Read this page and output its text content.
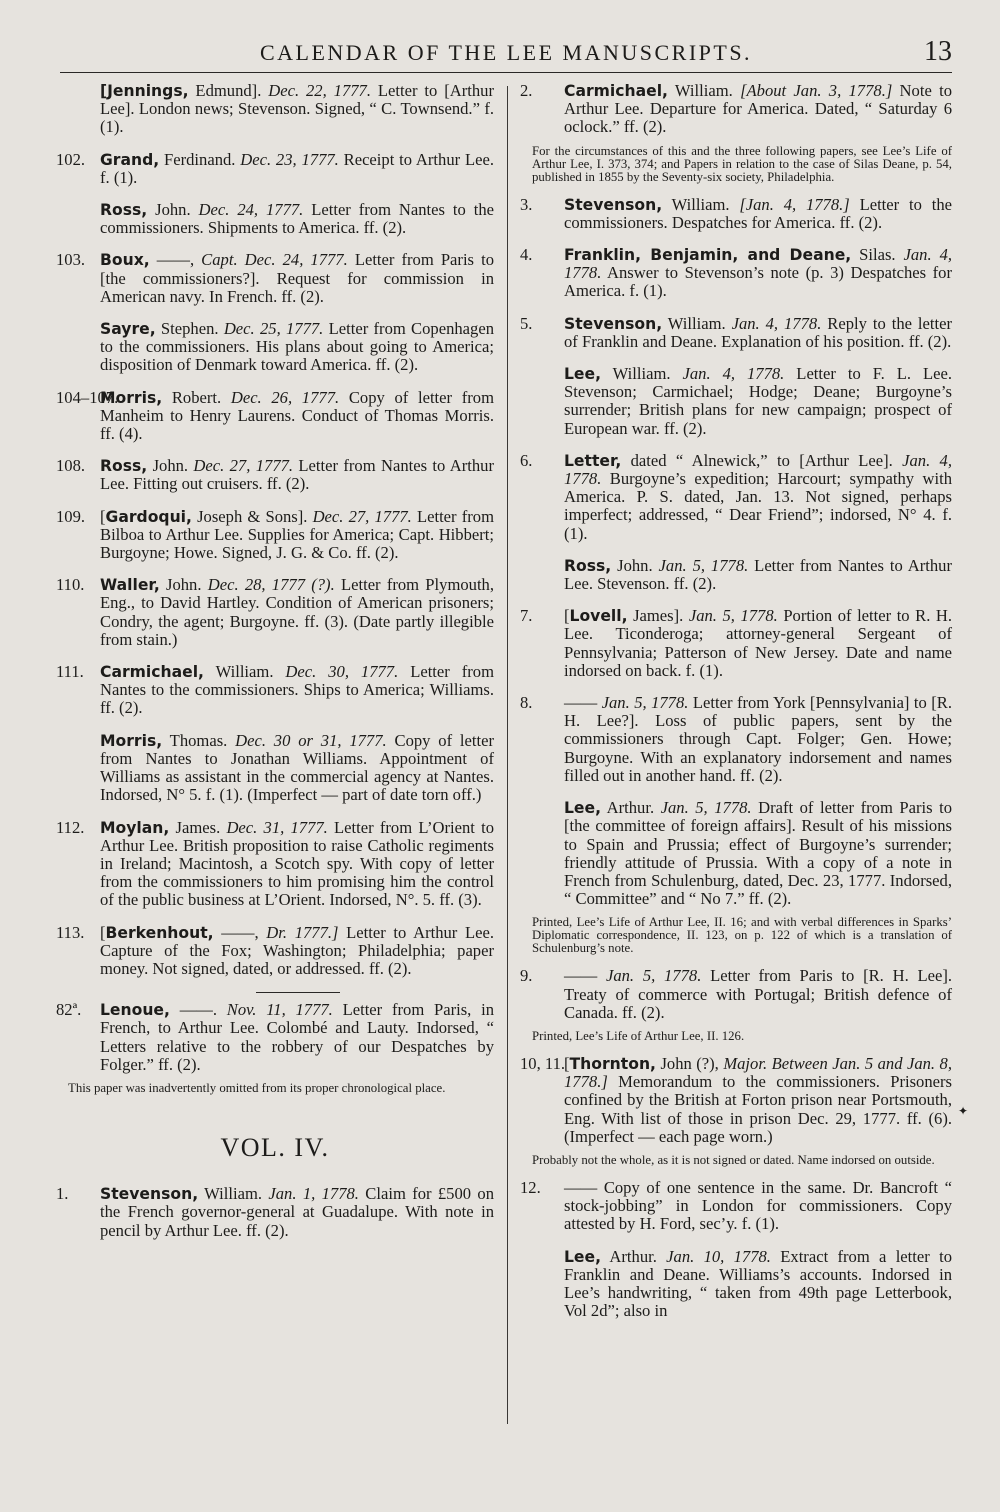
CALENDAR OF THE LEE MANUSCRIPTS.	13
[Jennings, Edmund]. Dec. 22, 1777. Letter to [Arthur Lee]. London news; Stevenson. Signed, “ C. Townsend.” f. (1).
102. Grand, Ferdinand. Dec. 23, 1777. Receipt to Arthur Lee. f. (1).
Ross, John. Dec. 24, 1777. Letter from Nantes to the commissioners. Shipments to America. ff. (2).
103. Boux, ——, Capt. Dec. 24, 1777. Letter from Paris to [the commissioners?]. Request for commission in American navy. In French. ff. (2).
Sayre, Stephen. Dec. 25, 1777. Letter from Copenhagen to the commissioners. His plans about going to America; disposition of Denmark toward America. ff. (2).
104–107.
Morris, Robert. Dec. 26, 1777. Copy of letter from Manheim to Henry Laurens. Conduct of Thomas Morris. ff. (4).
108. Ross, John. Dec. 27, 1777. Letter from Nantes to Arthur Lee. Fitting out cruisers. ff. (2).
109. [Gardoqui, Joseph & Sons]. Dec. 27, 1777. Letter from Bilboa to Arthur Lee. Supplies for America; Capt. Hibbert; Burgoyne; Howe. Signed, J. G. & Co. ff. (2).
110. Waller, John. Dec. 28, 1777 (?). Letter from Plymouth, Eng., to David Hartley. Condition of American prisoners; Condry, the agent; Burgoyne. ff. (3). (Date partly illegible from stain.)
111. Carmichael, William. Dec. 30, 1777. Letter from Nantes to the commissioners. Ships to America; Williams. ff. (2).
Morris, Thomas. Dec. 30 or 31, 1777. Copy of letter from Nantes to Jonathan Williams. Appointment of Williams as assistant in the commercial agency at Nantes. Indorsed, N° 5. f. (1). (Imperfect — part of date torn off.)
112. Moylan, James. Dec. 31, 1777. Letter from L’Orient to Arthur Lee. British proposition to raise Catholic regiments in Ireland; Macintosh, a Scotch spy. With copy of letter from the commissioners to him promising him the control of the public business at L’Orient. Indorsed, N°. 5. ff. (3).
113. [Berkenhout, ——, Dr. 1777.] Letter to Arthur Lee. Capture of the Fox; Washington; Philadelphia; paper money. Not signed, dated, or addressed. ff. (2).
82ª. Lenoue, ——. Nov. 11, 1777. Letter from Paris, in French, to Arthur Lee. Colombé and Lauty. Indorsed, “ Letters relative to the robbery of our Despatches by Folger.” ff. (2).
This paper was inadvertently omitted from its proper chronological place.
VOL. IV.
1. Stevenson, William. Jan. 1, 1778. Claim for £500 on the French governor-general at Guadalupe. With note in pencil by Arthur Lee. ff. (2).
2. Carmichael, William. [About Jan. 3, 1778.] Note to Arthur Lee. Departure for America. Dated, “ Saturday 6 oclock.” ff. (2).
For the circumstances of this and the three following papers, see Lee’s Life of Arthur Lee, I. 373, 374; and Papers in relation to the case of Silas Deane, p. 54, published in 1855 by the Seventy-six society, Philadelphia.
3. Stevenson, William. [Jan. 4, 1778.] Letter to the commissioners. Despatches for America. ff. (2).
4. Franklin, Benjamin, and Deane, Silas. Jan. 4, 1778. Answer to Stevenson’s note (p. 3) Despatches for America. f. (1).
5. Stevenson, William. Jan. 4, 1778. Reply to the letter of Franklin and Deane. Explanation of his position. ff. (2).
Lee, William. Jan. 4, 1778. Letter to F. L. Lee. Stevenson; Carmichael; Hodge; Deane; Burgoyne’s surrender; British plans for new campaign; prospect of European war. ff. (2).
6. Letter, dated “ Alnewick,” to [Arthur Lee]. Jan. 4, 1778. Burgoyne’s expedition; Harcourt; sympathy with America. P. S. dated, Jan. 13. Not signed, perhaps imperfect; addressed, “ Dear Friend”; indorsed, N° 4. f. (1).
Ross, John. Jan. 5, 1778. Letter from Nantes to Arthur Lee. Stevenson. ff. (2).
7. [Lovell, James]. Jan. 5, 1778. Portion of letter to R. H. Lee. Ticonderoga; attorney-general Sergeant of Pennsylvania; Patterson of New Jersey. Date and name indorsed on back. f. (1).
8. —— Jan. 5, 1778. Letter from York [Pennsylvania] to [R. H. Lee?]. Loss of public papers, sent by the commissioners through Capt. Folger; Gen. Howe; Burgoyne. With an explanatory indorsement and names filled out in another hand. ff. (2).
Lee, Arthur. Jan. 5, 1778. Draft of letter from Paris to [the committee of foreign affairs]. Result of his missions to Spain and Prussia; effect of Burgoyne’s surrender; friendly attitude of Prussia. With a copy of a note in French from Schulenburg, dated, Dec. 23, 1777. Indorsed, “ Committee” and “ No 7.” ff. (2).
Printed, Lee’s Life of Arthur Lee, II. 16; and with verbal differences in Sparks’ Diplomatic correspondence, II. 123, on p. 122 of which is a translation of Schulenburg’s note.
9. —— Jan. 5, 1778. Letter from Paris to [R. H. Lee]. Treaty of commerce with Portugal; British defence of Canada. ff. (2).
Printed, Lee’s Life of Arthur Lee, II. 126.
10, 11.
[Thornton, John (?), Major. Between Jan. 5 and Jan. 8, 1778.] Memorandum to the commissioners. Prisoners confined by the British at Forton prison near Portsmouth, Eng. With list of those in prison Dec. 29, 1777. ff. (6). (Imperfect — each page worn.)
Probably not the whole, as it is not signed or dated. Name indorsed on outside.
12. —— Copy of one sentence in the same. Dr. Bancroft “ stock-jobbing” in London for commissioners. Copy attested by H. Ford, sec’y. f. (1).
Lee, Arthur. Jan. 10, 1778. Extract from a letter to Franklin and Deane. Williams’s accounts. Indorsed in Lee’s handwriting, “ taken from 49th page Letterbook, Vol 2d”; also in
✦
